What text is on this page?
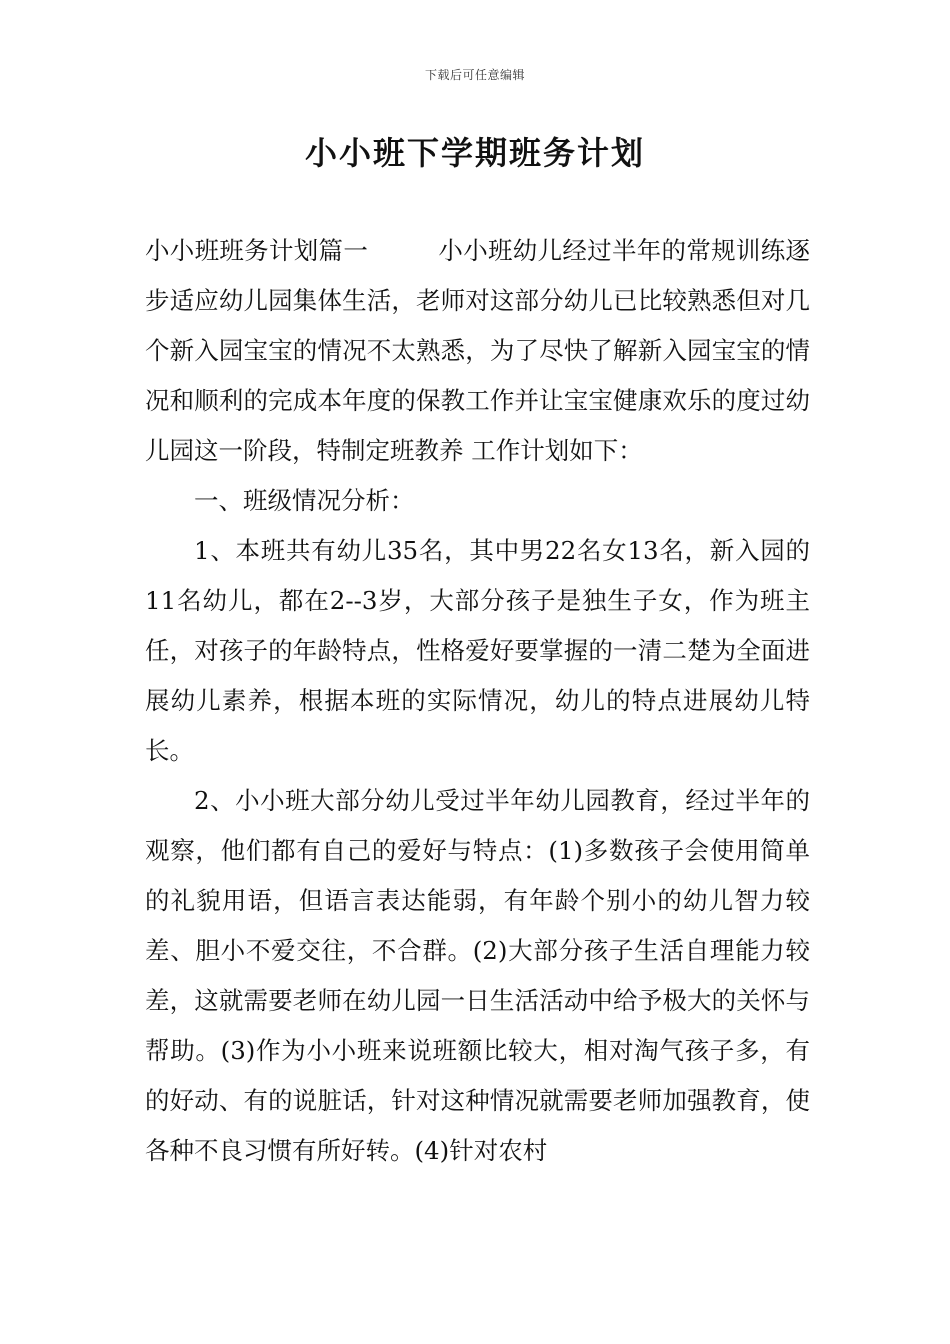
下载后可任意编辑
小小班下学期班务计划

小小班班务计划篇一	小小班幼儿经过半年的常规训练逐步适应幼儿园集体生活，老师对这部分幼儿已比较熟悉但对几个新入园宝宝的情况不太熟悉，为了尽快了解新入园宝宝的情况和顺利的完成本年度的保教工作并让宝宝健康欢乐的度过幼儿园这一阶段，特制定班教养 工作计划如下：

一、班级情况分析：

1、本班共有幼儿35名，其中男22名女13名，新入园的11名幼儿，都在2--3岁，大部分孩子是独生子女，作为班主任，对孩子的年龄特点，性格爱好要掌握的一清二楚为全面进展幼儿素养，根据本班的实际情况，幼儿的特点进展幼儿特长。

2、小小班大部分幼儿受过半年幼儿园教育，经过半年的观察，他们都有自己的爱好与特点：(1)多数孩子会使用简单的礼貌用语，但语言表达能弱，有年龄个别小的幼儿智力较差、胆小不爱交往，不合群。(2)大部分孩子生活自理能力较差，这就需要老师在幼儿园一日生活活动中给予极大的关怀与帮助。(3)作为小小班来说班额比较大，相对淘气孩子多，有的好动、有的说脏话，针对这种情况就需要老师加强教育，使各种不良习惯有所好转。(4)针对农村
